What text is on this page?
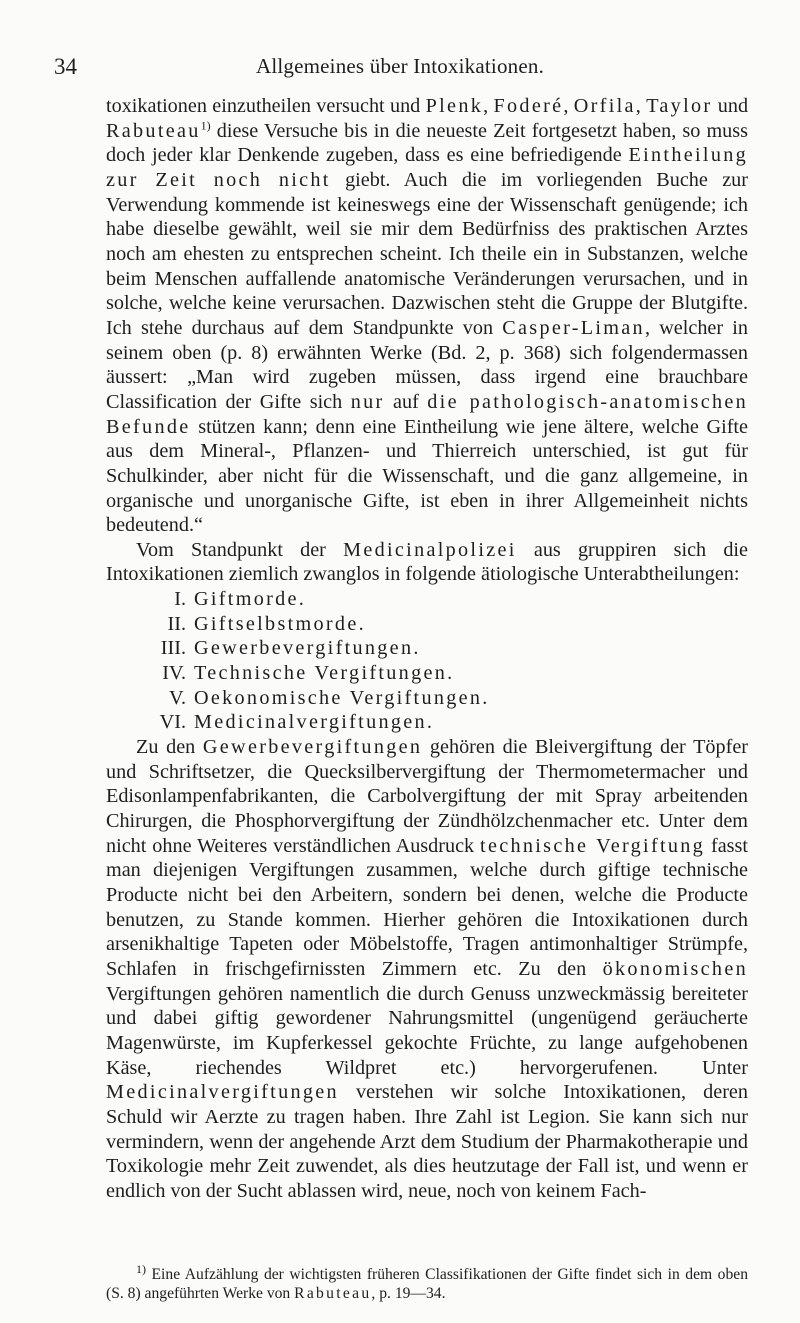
34	Allgemeines über Intoxikationen.

toxikationen einzutheilen versucht und Plenk, Foderé, Orfila, Taylor und Rabuteau$^{1)}$ diese Versuche bis in die neueste Zeit fortgesetzt haben, so muss doch jeder klar Denkende zugeben, dass es eine befriedigende Eintheilung zur Zeit noch nicht giebt. Auch die im vorliegenden Buche zur Verwendung kommende ist keineswegs eine der Wissenschaft genügende; ich habe dieselbe gewählt, weil sie mir dem Bedürfniss des praktischen Arztes noch am ehesten zu entsprechen scheint. Ich theile ein in Substanzen, welche beim Menschen auffallende anatomische Veränderungen verursachen, und in solche, welche keine verursachen. Dazwischen steht die Gruppe der Blutgifte. Ich stehe durchaus auf dem Standpunkte von Casper-Liman, welcher in seinem oben (p. 8) erwähnten Werke (Bd. 2, p. 368) sich folgendermassen äussert: „Man wird zugeben müssen, dass irgend eine brauchbare Classification der Gifte sich nur auf die pathologisch-anatomischen Befunde stützen kann; denn eine Eintheilung wie jene ältere, welche Gifte aus dem Mineral-, Pflanzen- und Thierreich unterschied, ist gut für Schulkinder, aber nicht für die Wissenschaft, und die ganz allgemeine, in organische und unorganische Gifte, ist eben in ihrer Allgemeinheit nichts bedeutend.“

Vom Standpunkt der Medicinalpolizei aus gruppiren sich die Intoxikationen ziemlich zwanglos in folgende ätiologische Unterabtheilungen:

I. Giftmorde.
II. Giftselbstmorde.
III. Gewerbevergiftungen.
IV. Technische Vergiftungen.
V. Oekonomische Vergiftungen.
VI. Medicinalvergiftungen.

Zu den Gewerbevergiftungen gehören die Bleivergiftung der Töpfer und Schriftsetzer, die Quecksilbervergiftung der Thermometermacher und Edisonlampenfabrikanten, die Carbolvergiftung der mit Spray arbeitenden Chirurgen, die Phosphorvergiftung der Zündhölzchenmacher etc. Unter dem nicht ohne Weiteres verständlichen Ausdruck technische Vergiftung fasst man diejenigen Vergiftungen zusammen, welche durch giftige technische Producte nicht bei den Arbeitern, sondern bei denen, welche die Producte benutzen, zu Stande kommen. Hierher gehören die Intoxikationen durch arsenikhaltige Tapeten oder Möbelstoffe, Tragen antimonhaltiger Strümpfe, Schlafen in frischgefirnissten Zimmern etc. Zu den ökonomischen Vergiftungen gehören namentlich die durch Genuss unzweckmässig bereiteter und dabei giftig gewordener Nahrungsmittel (ungenügend geräucherte Magenwürste, im Kupferkessel gekochte Früchte, zu lange aufgehobenen Käse, riechendes Wildpret etc.) hervorgerufenen. Unter Medicinalvergiftungen verstehen wir solche Intoxikationen, deren Schuld wir Aerzte zu tragen haben. Ihre Zahl ist Legion. Sie kann sich nur vermindern, wenn der angehende Arzt dem Studium der Pharmakotherapie und Toxikologie mehr Zeit zuwendet, als dies heutzutage der Fall ist, und wenn er endlich von der Sucht ablassen wird, neue, noch von keinem Fach-

$^{1)}$ Eine Aufzählung der wichtigsten früheren Classifikationen der Gifte findet sich in dem oben (S. 8) angeführten Werke von Rabuteau, p. 19—34.
